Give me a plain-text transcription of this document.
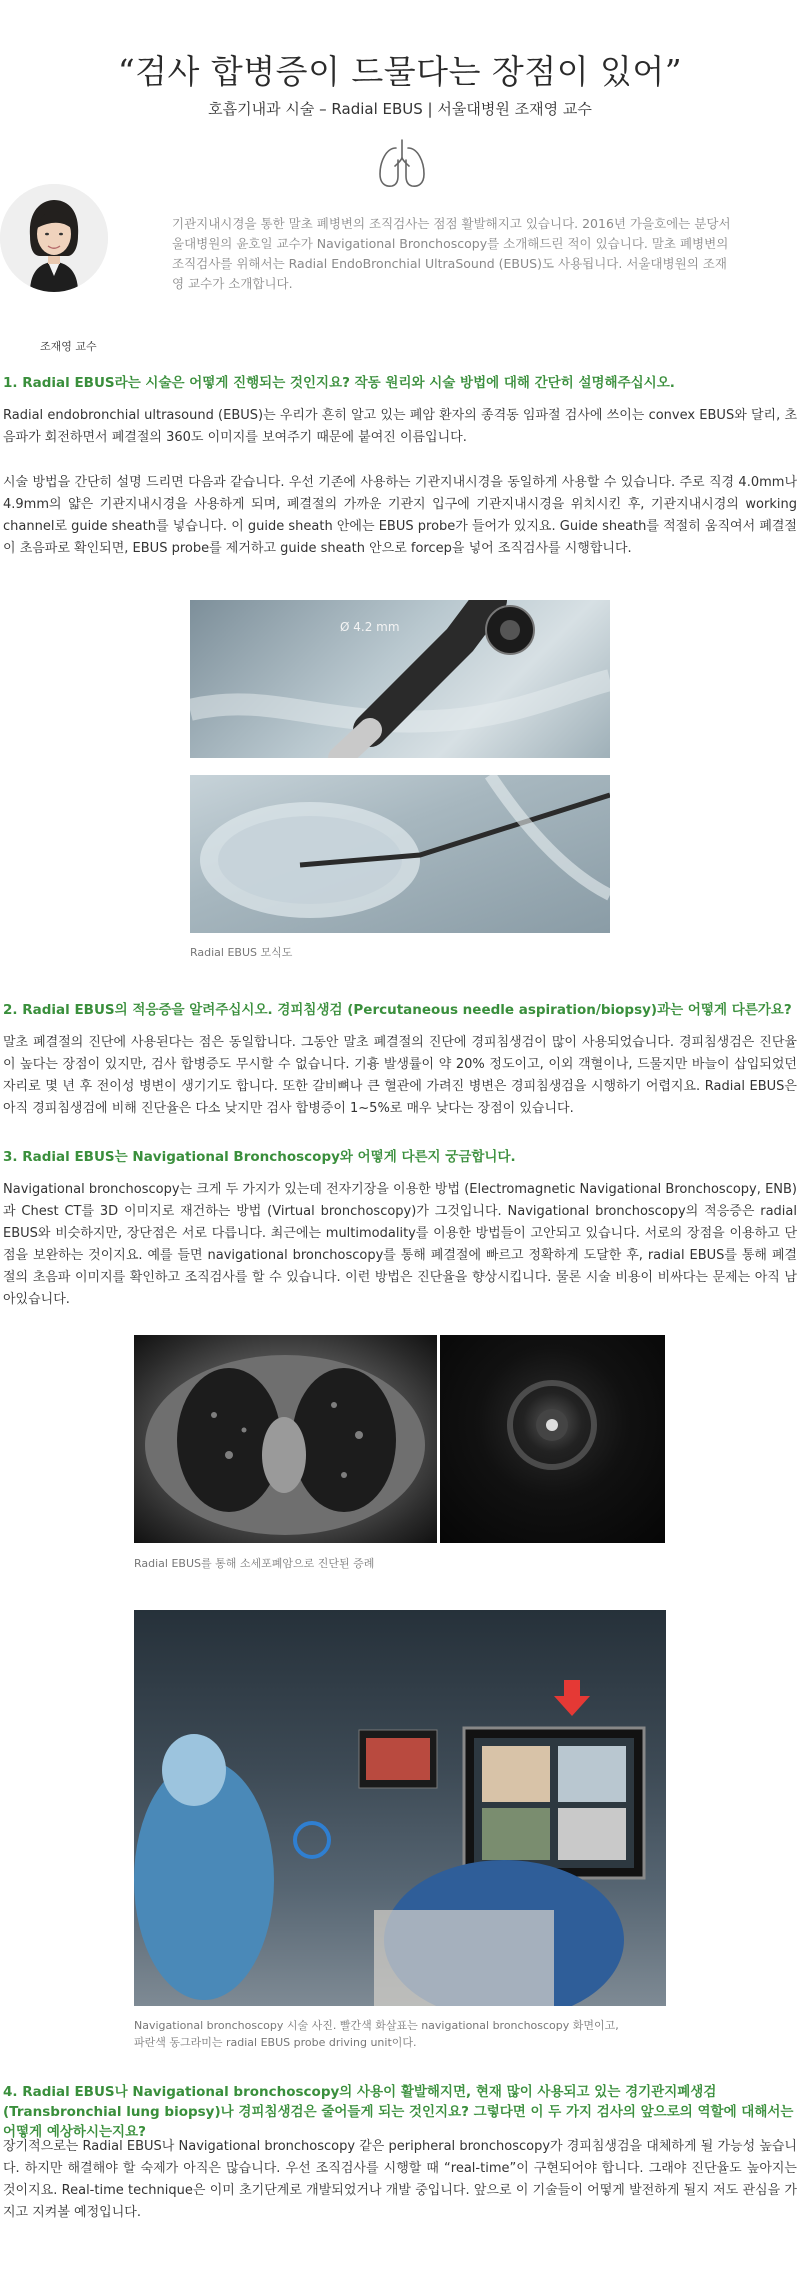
“검사 합병증이 드물다는 장점이 있어”
호흡기내과 시술 – Radial EBUS | 서울대병원 조재영 교수
조재영 교수
기관지내시경을 통한 말초 폐병변의 조직검사는 점점 활발해지고 있습니다. 2016년 가을호에는 분당서울대병원의 윤호일 교수가 Navigational Bronchoscopy를 소개해드린 적이 있습니다. 말초 폐병변의 조직검사를 위해서는 Radial EndoBronchial UltraSound (EBUS)도 사용됩니다. 서울대병원의 조재영 교수가 소개합니다.
1. Radial EBUS라는 시술은 어떻게 진행되는 것인지요? 작동 원리와 시술 방법에 대해 간단히 설명해주십시오.

Radial endobronchial ultrasound (EBUS)는 우리가 흔히 알고 있는 폐암 환자의 종격동 임파절 검사에 쓰이는 convex EBUS와 달리, 초음파가 회전하면서 폐결절의 360도 이미지를 보여주기 때문에 붙여진 이름입니다.

시술 방법을 간단히 설명 드리면 다음과 같습니다. 우선 기존에 사용하는 기관지내시경을 동일하게 사용할 수 있습니다. 주로 직경 4.0mm나 4.9mm의 얇은 기관지내시경을 사용하게 되며, 폐결절의 가까운 기관지 입구에 기관지내시경을 위치시킨 후, 기관지내시경의 working channel로 guide sheath를 넣습니다. 이 guide sheath 안에는 EBUS probe가 들어가 있지요. Guide sheath를 적절히 움직여서 폐결절이 초음파로 확인되면, EBUS probe를 제거하고 guide sheath 안으로 forcep을 넣어 조직검사를 시행합니다.

Ø 4.2 mm
Radial EBUS 모식도
2. Radial EBUS의 적응증을 알려주십시오. 경피침생검 (Percutaneous needle aspiration/biopsy)과는 어떻게 다른가요?

말초 폐결절의 진단에 사용된다는 점은 동일합니다. 그동안 말초 폐결절의 진단에 경피침생검이 많이 사용되었습니다. 경피침생검은 진단율이 높다는 장점이 있지만, 검사 합병증도 무시할 수 없습니다. 기흉 발생률이 약 20% 정도이고, 이외 객혈이나, 드물지만 바늘이 삽입되었던 자리로 몇 년 후 전이성 병변이 생기기도 합니다. 또한 갈비뼈나 큰 혈관에 가려진 병변은 경피침생검을 시행하기 어렵지요. Radial EBUS은 아직 경피침생검에 비해 진단율은 다소 낮지만 검사 합병증이 1~5%로 매우 낮다는 장점이 있습니다.

3. Radial EBUS는 Navigational Bronchoscopy와 어떻게 다른지 궁금합니다.

Navigational bronchoscopy는 크게 두 가지가 있는데 전자기장을 이용한 방법 (Electromagnetic Navigational Bronchoscopy, ENB)과 Chest CT를 3D 이미지로 재건하는 방법 (Virtual bronchoscopy)가 그것입니다. Navigational bronchoscopy의 적응증은 radial EBUS와 비슷하지만, 장단점은 서로 다릅니다. 최근에는 multimodality를 이용한 방법들이 고안되고 있습니다. 서로의 장점을 이용하고 단점을 보완하는 것이지요. 예를 들면 navigational bronchoscopy를 통해 폐결절에 빠르고 정확하게 도달한 후, radial EBUS를 통해 폐결절의 초음파 이미지를 확인하고 조직검사를 할 수 있습니다. 이런 방법은 진단율을 향상시킵니다. 물론 시술 비용이 비싸다는 문제는 아직 남아있습니다.

Radial EBUS를 통해 소세포폐암으로 진단된 증례
Navigational bronchoscopy 시술 사진. 빨간색 화살표는 navigational bronchoscopy 화면이고,
파란색 동그라미는 radial EBUS probe driving unit이다.
4. Radial EBUS나 Navigational bronchoscopy의 사용이 활발해지면, 현재 많이 사용되고 있는 경기관지폐생검 (Transbronchial lung biopsy)나 경피침생검은 줄어들게 되는 것인지요? 그렇다면 이 두 가지 검사의 앞으로의 역할에 대해서는 어떻게 예상하시는지요?

장기적으로는 Radial EBUS나 Navigational bronchoscopy 같은 peripheral bronchoscopy가 경피침생검을 대체하게 될 가능성 높습니다. 하지만 해결해야 할 숙제가 아직은 많습니다. 우선 조직검사를 시행할 때 “real-time”이 구현되어야 합니다. 그래야 진단율도 높아지는 것이지요. Real-time technique은 이미 초기단계로 개발되었거나 개발 중입니다. 앞으로 이 기술들이 어떻게 발전하게 될지 저도 관심을 가지고 지켜볼 예정입니다.
